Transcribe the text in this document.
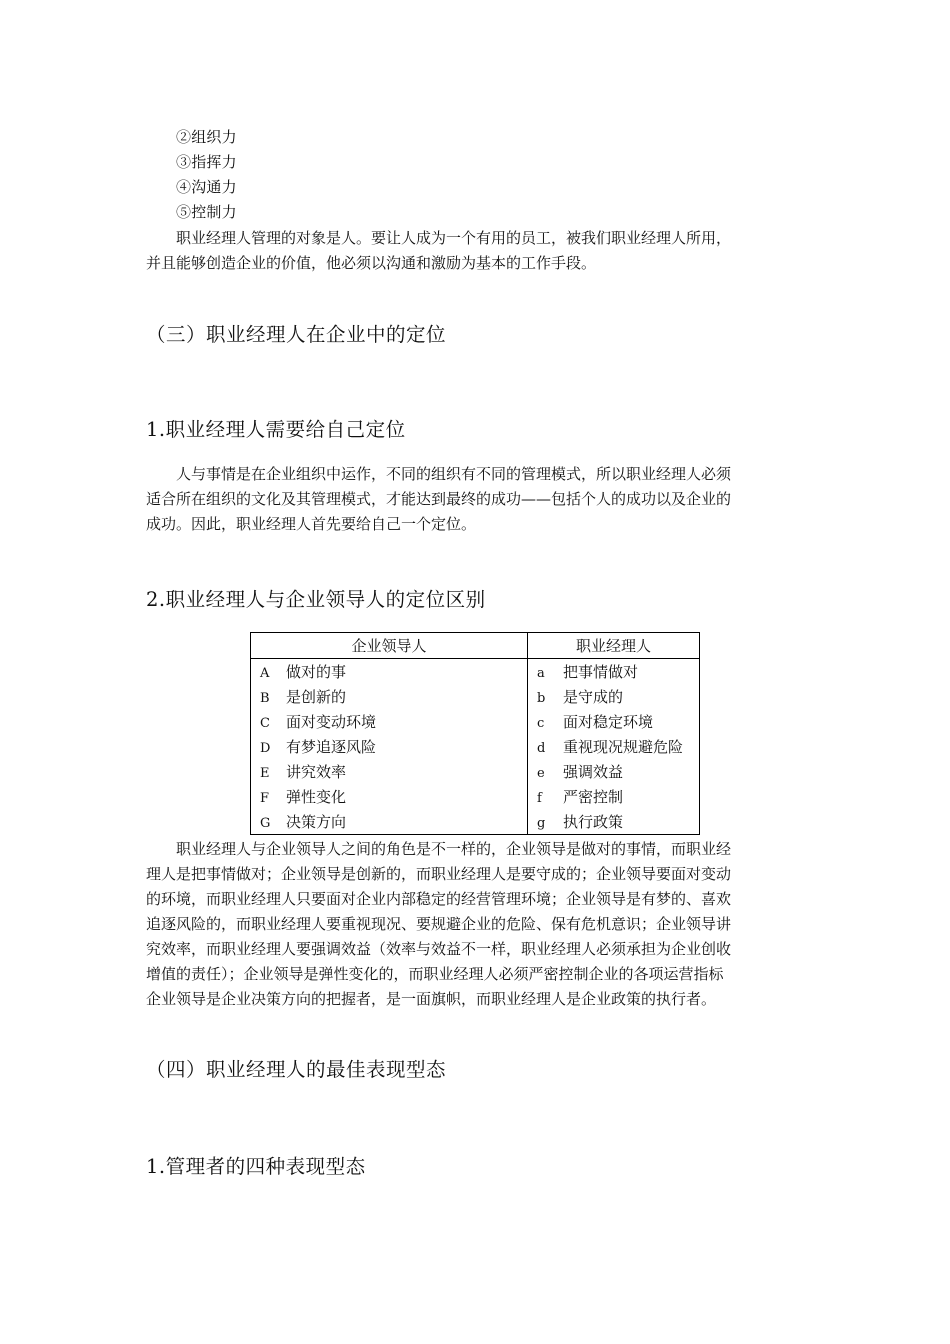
②组织力
③指挥力
④沟通力
⑤控制力

职业经理人管理的对象是人。要让人成为一个有用的员工，被我们职业经理人所用，

并且能够创造企业的价值，他必须以沟通和激励为基本的工作手段。

（三）职业经理人在企业中的定位
1.职业经理人需要给自己定位

人与事情是在企业组织中运作，不同的组织有不同的管理模式，所以职业经理人必须

适合所在组织的文化及其管理模式，才能达到最终的成功——包括个人的成功以及企业的

成功。因此，职业经理人首先要给自己一个定位。

2.职业经理人与企业领导人的定位区别
企业领导人	职业经理人
A 做对的事	a 把事情做对
B 是创新的	b 是守成的
C 面对变动环境	c 面对稳定环境
D 有梦追逐风险	d 重视现况规避危险
E 讲究效率	e 强调效益
F 弹性变化	f 严密控制
G 决策方向	g 执行政策

职业经理人与企业领导人之间的角色是不一样的，企业领导是做对的事情，而职业经

理人是把事情做对；企业领导是创新的，而职业经理人是要守成的；企业领导要面对变动

的环境，而职业经理人只要面对企业内部稳定的经营管理环境；企业领导是有梦的、喜欢

追逐风险的，而职业经理人要重视现况、要规避企业的危险、保有危机意识；企业领导讲

究效率，而职业经理人要强调效益（效率与效益不一样，职业经理人必须承担为企业创收

增值的责任）；企业领导是弹性变化的，而职业经理人必须严密控制企业的各项运营指标

企业领导是企业决策方向的把握者，是一面旗帜，而职业经理人是企业政策的执行者。

（四）职业经理人的最佳表现型态
1.管理者的四种表现型态
